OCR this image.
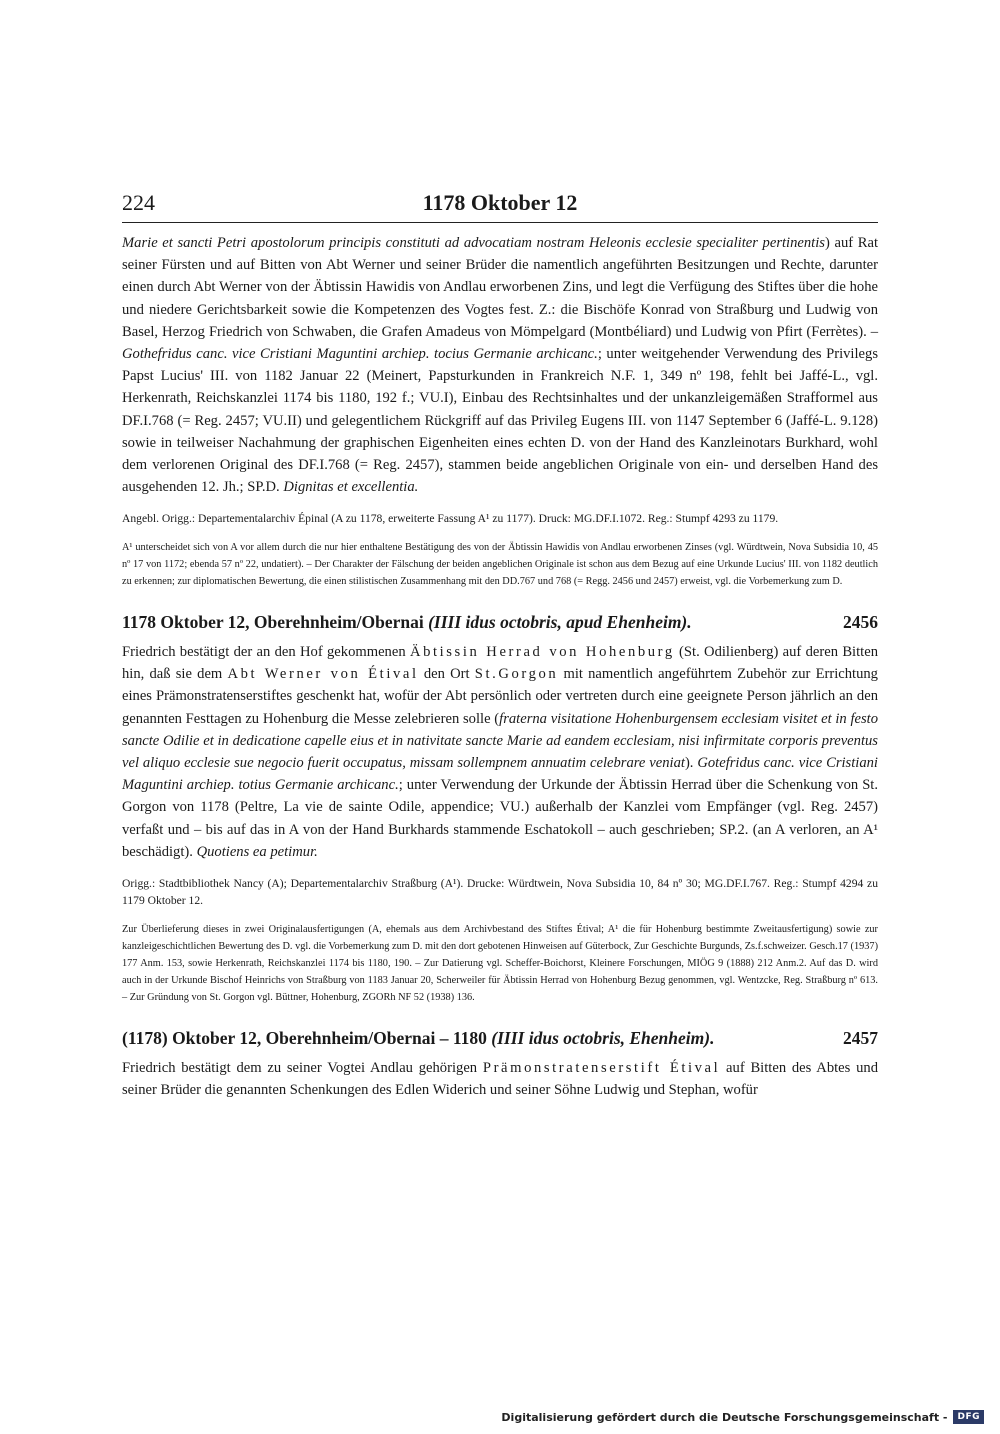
224	1178 Oktober 12

Marie et sancti Petri apostolorum principis constituti ad advocatiam nostram Heleonis ecclesie specialiter pertinentis) auf Rat seiner Fürsten und auf Bitten von Abt Werner und seiner Brüder die namentlich angeführten Besitzungen und Rechte, darunter einen durch Abt Werner von der Äbtissin Hawidis von Andlau erworbenen Zins, und legt die Verfügung des Stiftes über die hohe und niedere Gerichtsbarkeit sowie die Kompetenzen des Vogtes fest. Z.: die Bischöfe Konrad von Straßburg und Ludwig von Basel, Herzog Friedrich von Schwaben, die Grafen Amadeus von Mömpelgard (Montbéliard) und Ludwig von Pfirt (Ferrètes). – Gothefridus canc. vice Cristiani Maguntini archiep. tocius Germanie archicanc.; unter weitgehender Verwendung des Privilegs Papst Lucius' III. von 1182 Januar 22 (Meinert, Papsturkunden in Frankreich N.F. 1, 349 nº 198, fehlt bei Jaffé-L., vgl. Herkenrath, Reichskanzlei 1174 bis 1180, 192 f.; VU.I), Einbau des Rechtsinhaltes und der unkanzleigemäßen Strafformel aus DF.I.768 (= Reg. 2457; VU.II) und gelegentlichem Rückgriff auf das Privileg Eugens III. von 1147 September 6 (Jaffé-L. 9.128) sowie in teilweiser Nachahmung der graphischen Eigenheiten eines echten D. von der Hand des Kanzleinotars Burkhard, wohl dem verlorenen Original des DF.I.768 (= Reg. 2457), stammen beide angeblichen Originale von ein- und derselben Hand des ausgehenden 12. Jh.; SP.D. Dignitas et excellentia.

Angebl. Origg.: Departementalarchiv Épinal (A zu 1178, erweiterte Fassung A¹ zu 1177). Druck: MG.DF.I.1072. Reg.: Stumpf 4293 zu 1179.

A¹ unterscheidet sich von A vor allem durch die nur hier enthaltene Bestätigung des von der Äbtissin Hawidis von Andlau erworbenen Zinses (vgl. Würdtwein, Nova Subsidia 10, 45 nº 17 von 1172; ebenda 57 nº 22, undatiert). – Der Charakter der Fälschung der beiden angeblichen Originale ist schon aus dem Bezug auf eine Urkunde Lucius' III. von 1182 deutlich zu erkennen; zur diplomatischen Bewertung, die einen stilistischen Zusammenhang mit den DD.767 und 768 (= Regg. 2456 und 2457) erweist, vgl. die Vorbemerkung zum D.

1178 Oktober 12, Oberehnheim/Obernai (IIII idus octobris, apud Ehenheim).	2456

Friedrich bestätigt der an den Hof gekommenen Äbtissin Herrad von Hohenburg (St. Odilienberg) auf deren Bitten hin, daß sie dem Abt Werner von Étival den Ort St.Gorgon mit namentlich angeführtem Zubehör zur Errichtung eines Prämonstratenserstiftes geschenkt hat, wofür der Abt persönlich oder vertreten durch eine geeignete Person jährlich an den genannten Festtagen zu Hohenburg die Messe zelebrieren solle (fraterna visitatione Hohenburgensem ecclesiam visitet et in festo sancte Odilie et in dedicatione capelle eius et in nativitate sancte Marie ad eandem ecclesiam, nisi infirmitate corporis preventus vel aliquo ecclesie sue negocio fuerit occupatus, missam sollempnem annuatim celebrare veniat). Gotefridus canc. vice Cristiani Maguntini archiep. totius Germanie archicanc.; unter Verwendung der Urkunde der Äbtissin Herrad über die Schenkung von St. Gorgon von 1178 (Peltre, La vie de sainte Odile, appendice; VU.) außerhalb der Kanzlei vom Empfänger (vgl. Reg. 2457) verfaßt und – bis auf das in A von der Hand Burkhards stammende Eschatokoll – auch geschrieben; SP.2. (an A verloren, an A¹ beschädigt). Quotiens ea petimur.

Origg.: Stadtbibliothek Nancy (A); Departementalarchiv Straßburg (A¹). Drucke: Würdtwein, Nova Subsidia 10, 84 nº 30; MG.DF.I.767. Reg.: Stumpf 4294 zu 1179 Oktober 12.

Zur Überlieferung dieses in zwei Originalausfertigungen (A, ehemals aus dem Archivbestand des Stiftes Étival; A¹ die für Hohenburg bestimmte Zweitausfertigung) sowie zur kanzleigeschichtlichen Bewertung des D. vgl. die Vorbemerkung zum D. mit den dort gebotenen Hinweisen auf Güterbock, Zur Geschichte Burgunds, Zs.f.schweizer. Gesch.17 (1937) 177 Anm. 153, sowie Herkenrath, Reichskanzlei 1174 bis 1180, 190. – Zur Datierung vgl. Scheffer-Boichorst, Kleinere Forschungen, MIÖG 9 (1888) 212 Anm.2. Auf das D. wird auch in der Urkunde Bischof Heinrichs von Straßburg von 1183 Januar 20, Scherweiler für Äbtissin Herrad von Hohenburg Bezug genommen, vgl. Wentzcke, Reg. Straßburg nº 613. – Zur Gründung von St. Gorgon vgl. Büttner, Hohenburg, ZGORh NF 52 (1938) 136.

(1178) Oktober 12, Oberehnheim/Obernai – 1180 (IIII idus octobris, Ehenheim).	2457

Friedrich bestätigt dem zu seiner Vogtei Andlau gehörigen Prämonstratenserstift Étival auf Bitten des Abtes und seiner Brüder die genannten Schenkungen des Edlen Widerich und seiner Söhne Ludwig und Stephan, wofür

Digitalisierung gefördert durch die Deutsche Forschungsgemeinschaft -	DFG
